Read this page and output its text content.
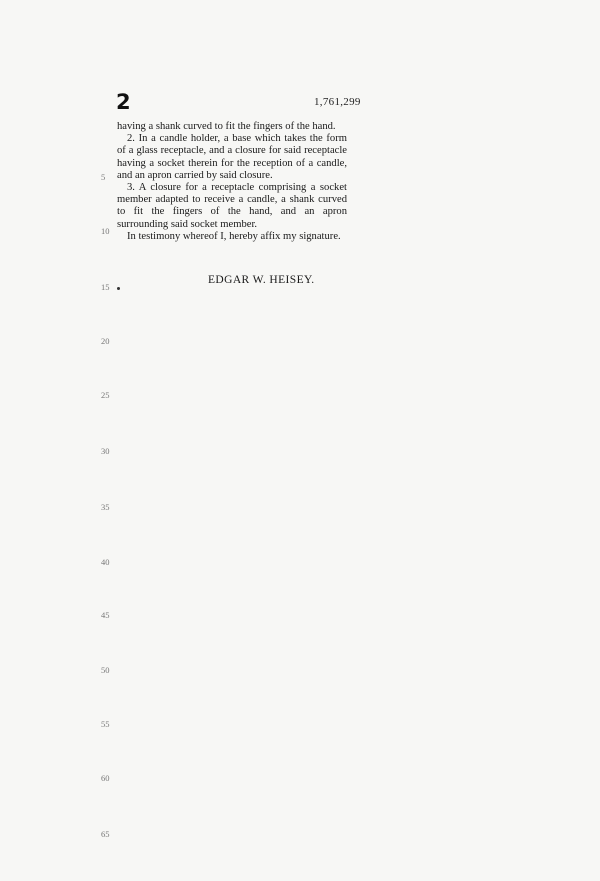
2	1,761,299

having a shank curved to fit the fingers of the hand.

2. In a candle holder, a base which takes the form of a glass receptacle, and a closure for said receptacle having a socket therein for the reception of a candle, and an apron carried by said closure.

3. A closure for a receptacle comprising a socket member adapted to receive a candle, a shank curved to fit the fingers of the hand, and an apron surrounding said socket member.

In testimony whereof I, hereby affix my signature.

EDGAR W. HEISEY.
5
10
15
20
25
30
35
40
45
50
55
60
65
